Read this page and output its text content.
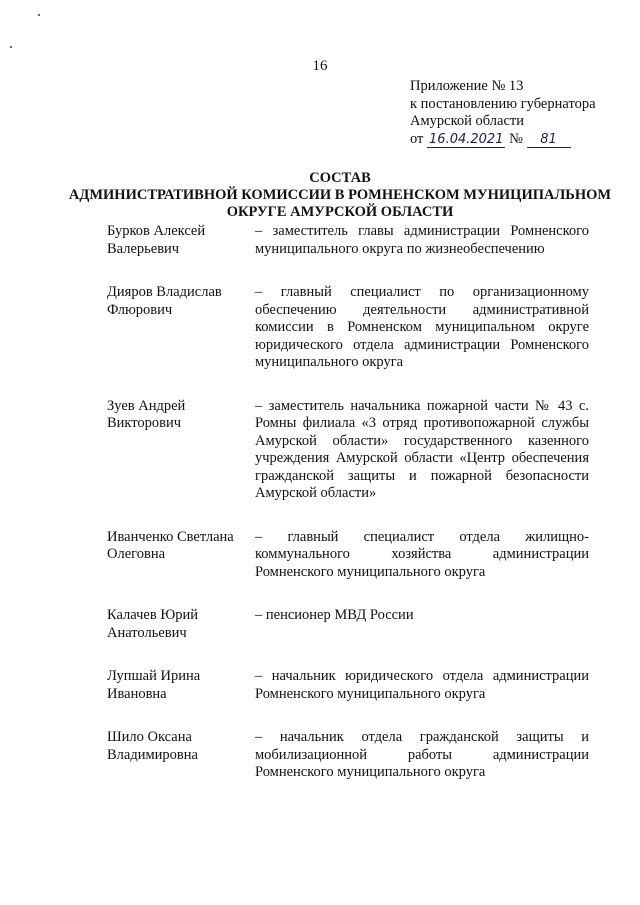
16
Приложение № 13
к постановлению губернатора
Амурской области
от 16.04.2021 № 81
СОСТАВ
АДМИНИСТРАТИВНОЙ КОМИССИИ В РОМНЕНСКОМ МУНИЦИПАЛЬНОМ
ОКРУГЕ АМУРСКОЙ ОБЛАСТИ
Бурков Алексей
Валерьевич
– заместитель главы администрации Ромненского муниципального округа по жизнеобеспечению
Дияров Владислав
Флюрович
– главный специалист по организационному обеспечению деятельности административной комиссии в Ромненском муниципальном округе юридического отдела администрации Ромненского муниципального округа
Зуев Андрей
Викторович
– заместитель начальника пожарной части № 43 с. Ромны филиала «3 отряд противопожарной службы Амурской области» государственного казенного учреждения Амурской области «Центр обеспечения гражданской защиты и пожарной безопасности Амурской области»
Иванченко Светлана
Олеговна
– главный специалист отдела жилищно-коммунального хозяйства администрации Ромненского муниципального округа
Калачев Юрий
Анатольевич
– пенсионер МВД России
Лупшай Ирина
Ивановна
– начальник юридического отдела администрации Ромненского муниципального округа
Шило Оксана
Владимировна
– начальник отдела гражданской защиты и мобилизационной работы администрации Ромненского муниципального округа
